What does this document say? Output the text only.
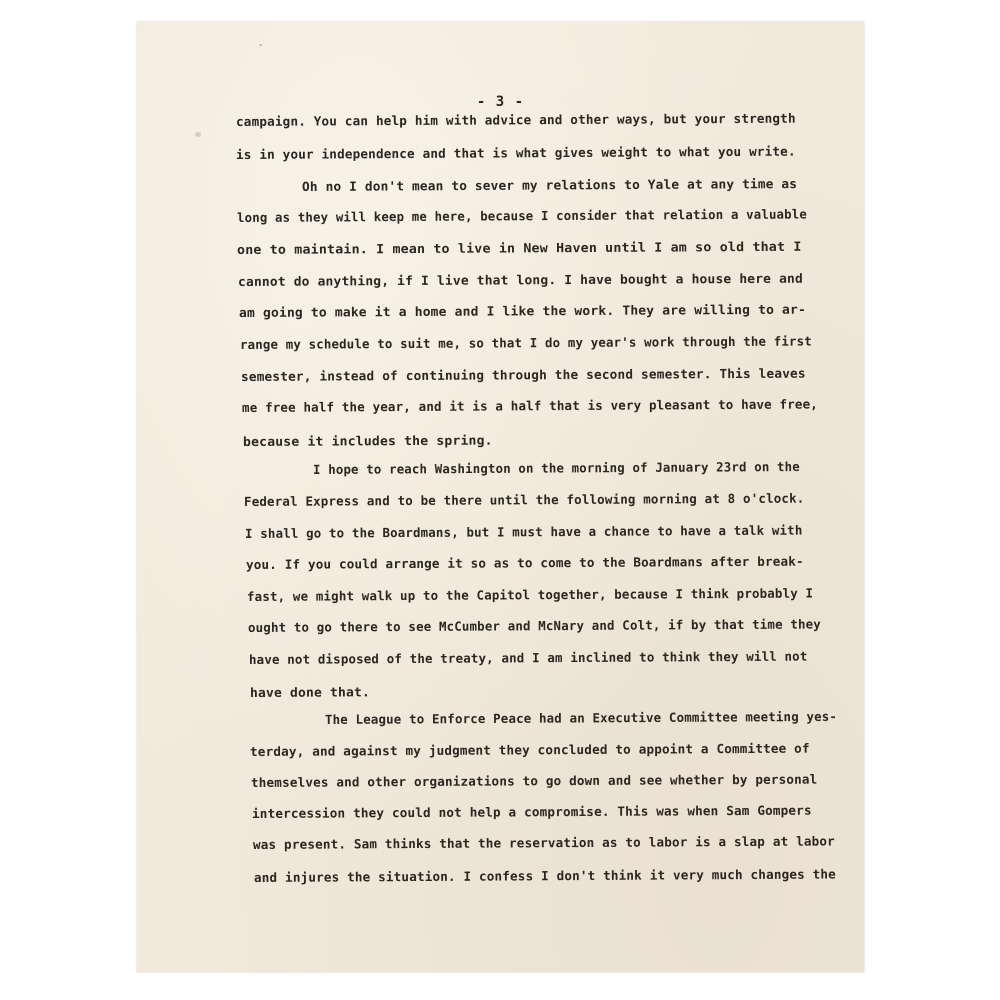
- 3 -

campaign. You can help him with advice and other ways, but your strength

is in your independence and that is what gives weight to what you write.

Oh no I don't mean to sever my relations to Yale at any time as

long as they will keep me here, because I consider that relation a valuable

one to maintain. I mean to live in New Haven until I am so old that I

cannot do anything, if I live that long. I have bought a house here and

am going to make it a home and I like the work. They are willing to ar-

range my schedule to suit me, so that I do my year's work through the first

semester, instead of continuing through the second semester. This leaves

me free half the year, and it is a half that is very pleasant to have free,

because it includes the spring.

I hope to reach Washington on the morning of January 23rd on the

Federal Express and to be there until the following morning at 8 o'clock.

I shall go to the Boardmans, but I must have a chance to have a talk with

you. If you could arrange it so as to come to the Boardmans after break-

fast, we might walk up to the Capitol together, because I think probably I

ought to go there to see McCumber and McNary and Colt, if by that time they

have not disposed of the treaty, and I am inclined to think they will not

have done that.

The League to Enforce Peace had an Executive Committee meeting yes-

terday, and against my judgment they concluded to appoint a Committee of

themselves and other organizations to go down and see whether by personal

intercession they could not help a compromise. This was when Sam Gompers

was present. Sam thinks that the reservation as to labor is a slap at labor

and injures the situation. I confess I don't think it very much changes the
